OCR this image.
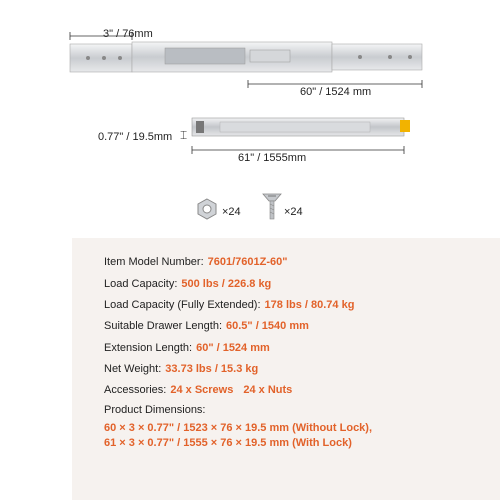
3" / 76mm
60" / 1524 mm
0.77" / 19.5mm ⌶
61" / 1555mm
×24	×24
Item Model Number: 7601/7601Z-60"
Load Capacity: 500 lbs / 226.8 kg
Load Capacity (Fully Extended): 178 lbs / 80.74 kg
Suitable Drawer Length: 60.5" / 1540 mm
Extension Length: 60" / 1524 mm
Net Weight: 33.73 lbs / 15.3 kg
Accessories: 24 x Screws 24 x Nuts
Product Dimensions:
60 × 3 × 0.77" / 1523 × 76 × 19.5 mm (Without Lock),
61 × 3 × 0.77" / 1555 × 76 × 19.5 mm (With Lock)
